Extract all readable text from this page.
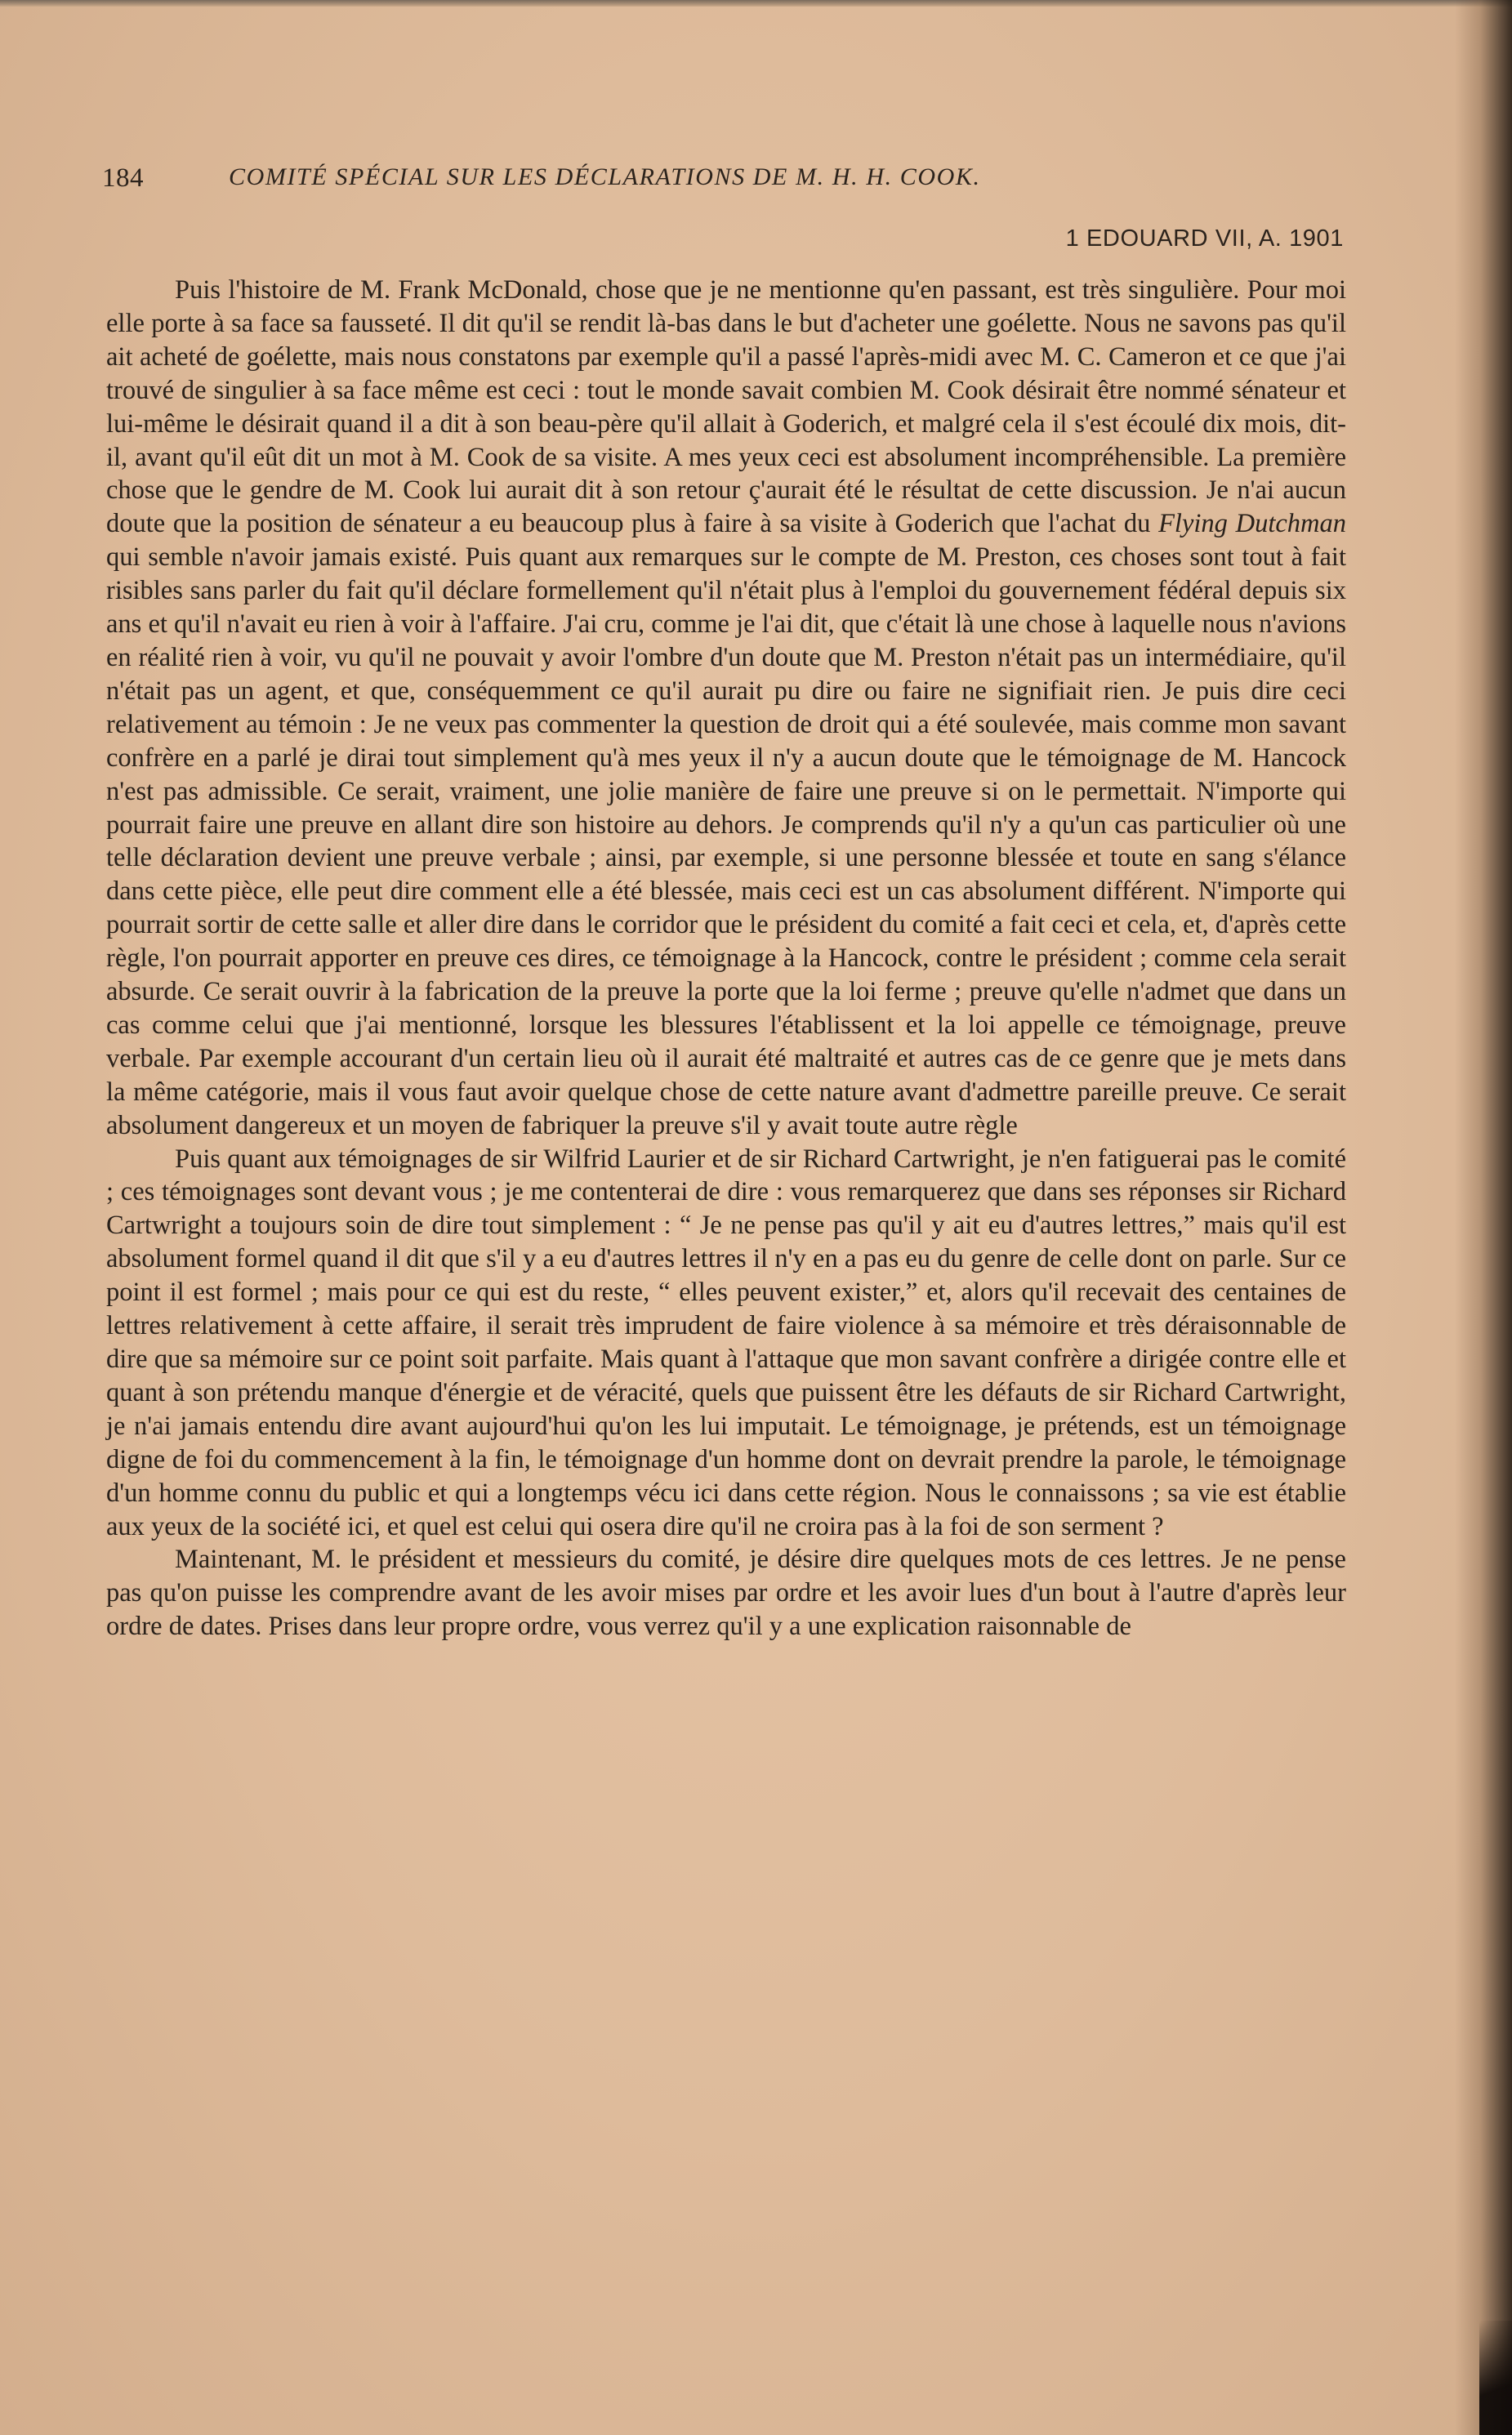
184	COMITÉ SPÉCIAL SUR LES DÉCLARATIONS DE M. H. H. COOK.
1 EDOUARD VII, A. 1901

Puis l'histoire de M. Frank McDonald, chose que je ne mentionne qu'en passant, est très singulière. Pour moi elle porte à sa face sa fausseté. Il dit qu'il se rendit là-bas dans le but d'acheter une goélette. Nous ne savons pas qu'il ait acheté de goélette, mais nous constatons par exemple qu'il a passé l'après-midi avec M. C. Cameron et ce que j'ai trouvé de singulier à sa face même est ceci : tout le monde savait combien M. Cook désirait être nommé sénateur et lui-même le désirait quand il a dit à son beau-père qu'il allait à Goderich, et malgré cela il s'est écoulé dix mois, dit-il, avant qu'il eût dit un mot à M. Cook de sa visite. A mes yeux ceci est absolument incompréhensible. La première chose que le gendre de M. Cook lui aurait dit à son retour ç'aurait été le résultat de cette discussion. Je n'ai aucun doute que la position de sénateur a eu beaucoup plus à faire à sa visite à Goderich que l'achat du Flying Dutchman qui semble n'avoir jamais existé. Puis quant aux remarques sur le compte de M. Preston, ces choses sont tout à fait risibles sans parler du fait qu'il déclare formellement qu'il n'était plus à l'emploi du gouvernement fédéral depuis six ans et qu'il n'avait eu rien à voir à l'affaire. J'ai cru, comme je l'ai dit, que c'était là une chose à laquelle nous n'avions en réalité rien à voir, vu qu'il ne pouvait y avoir l'ombre d'un doute que M. Preston n'était pas un intermédiaire, qu'il n'était pas un agent, et que, conséquemment ce qu'il aurait pu dire ou faire ne signifiait rien. Je puis dire ceci relativement au témoin : Je ne veux pas commenter la question de droit qui a été soulevée, mais comme mon savant confrère en a parlé je dirai tout simplement qu'à mes yeux il n'y a aucun doute que le témoignage de M. Hancock n'est pas admissible. Ce serait, vraiment, une jolie manière de faire une preuve si on le permettait. N'importe qui pourrait faire une preuve en allant dire son histoire au dehors. Je comprends qu'il n'y a qu'un cas particulier où une telle déclaration devient une preuve verbale ; ainsi, par exemple, si une personne blessée et toute en sang s'élance dans cette pièce, elle peut dire comment elle a été blessée, mais ceci est un cas absolument différent. N'importe qui pourrait sortir de cette salle et aller dire dans le corridor que le président du comité a fait ceci et cela, et, d'après cette règle, l'on pourrait apporter en preuve ces dires, ce témoignage à la Hancock, contre le président ; comme cela serait absurde. Ce serait ouvrir à la fabrication de la preuve la porte que la loi ferme ; preuve qu'elle n'admet que dans un cas comme celui que j'ai mentionné, lorsque les blessures l'établissent et la loi appelle ce témoignage, preuve verbale. Par exemple accourant d'un certain lieu où il aurait été maltraité et autres cas de ce genre que je mets dans la même catégorie, mais il vous faut avoir quelque chose de cette nature avant d'admettre pareille preuve. Ce serait absolument dangereux et un moyen de fabriquer la preuve s'il y avait toute autre règle

Puis quant aux témoignages de sir Wilfrid Laurier et de sir Richard Cartwright, je n'en fatiguerai pas le comité ; ces témoignages sont devant vous ; je me contenterai de dire : vous remarquerez que dans ses réponses sir Richard Cartwright a toujours soin de dire tout simplement : “ Je ne pense pas qu'il y ait eu d'autres lettres,” mais qu'il est absolument formel quand il dit que s'il y a eu d'autres lettres il n'y en a pas eu du genre de celle dont on parle. Sur ce point il est formel ; mais pour ce qui est du reste, “ elles peuvent exister,” et, alors qu'il recevait des centaines de lettres relativement à cette affaire, il serait très imprudent de faire violence à sa mémoire et très déraisonnable de dire que sa mémoire sur ce point soit parfaite. Mais quant à l'attaque que mon savant confrère a dirigée contre elle et quant à son prétendu manque d'énergie et de véracité, quels que puissent être les défauts de sir Richard Cartwright, je n'ai jamais entendu dire avant aujourd'hui qu'on les lui imputait. Le témoignage, je prétends, est un témoignage digne de foi du commencement à la fin, le témoignage d'un homme dont on devrait prendre la parole, le témoignage d'un homme connu du public et qui a longtemps vécu ici dans cette région. Nous le connaissons ; sa vie est établie aux yeux de la société ici, et quel est celui qui osera dire qu'il ne croira pas à la foi de son serment ?

Maintenant, M. le président et messieurs du comité, je désire dire quelques mots de ces lettres. Je ne pense pas qu'on puisse les comprendre avant de les avoir mises par ordre et les avoir lues d'un bout à l'autre d'après leur ordre de dates. Prises dans leur propre ordre, vous verrez qu'il y a une explication raisonnable de
